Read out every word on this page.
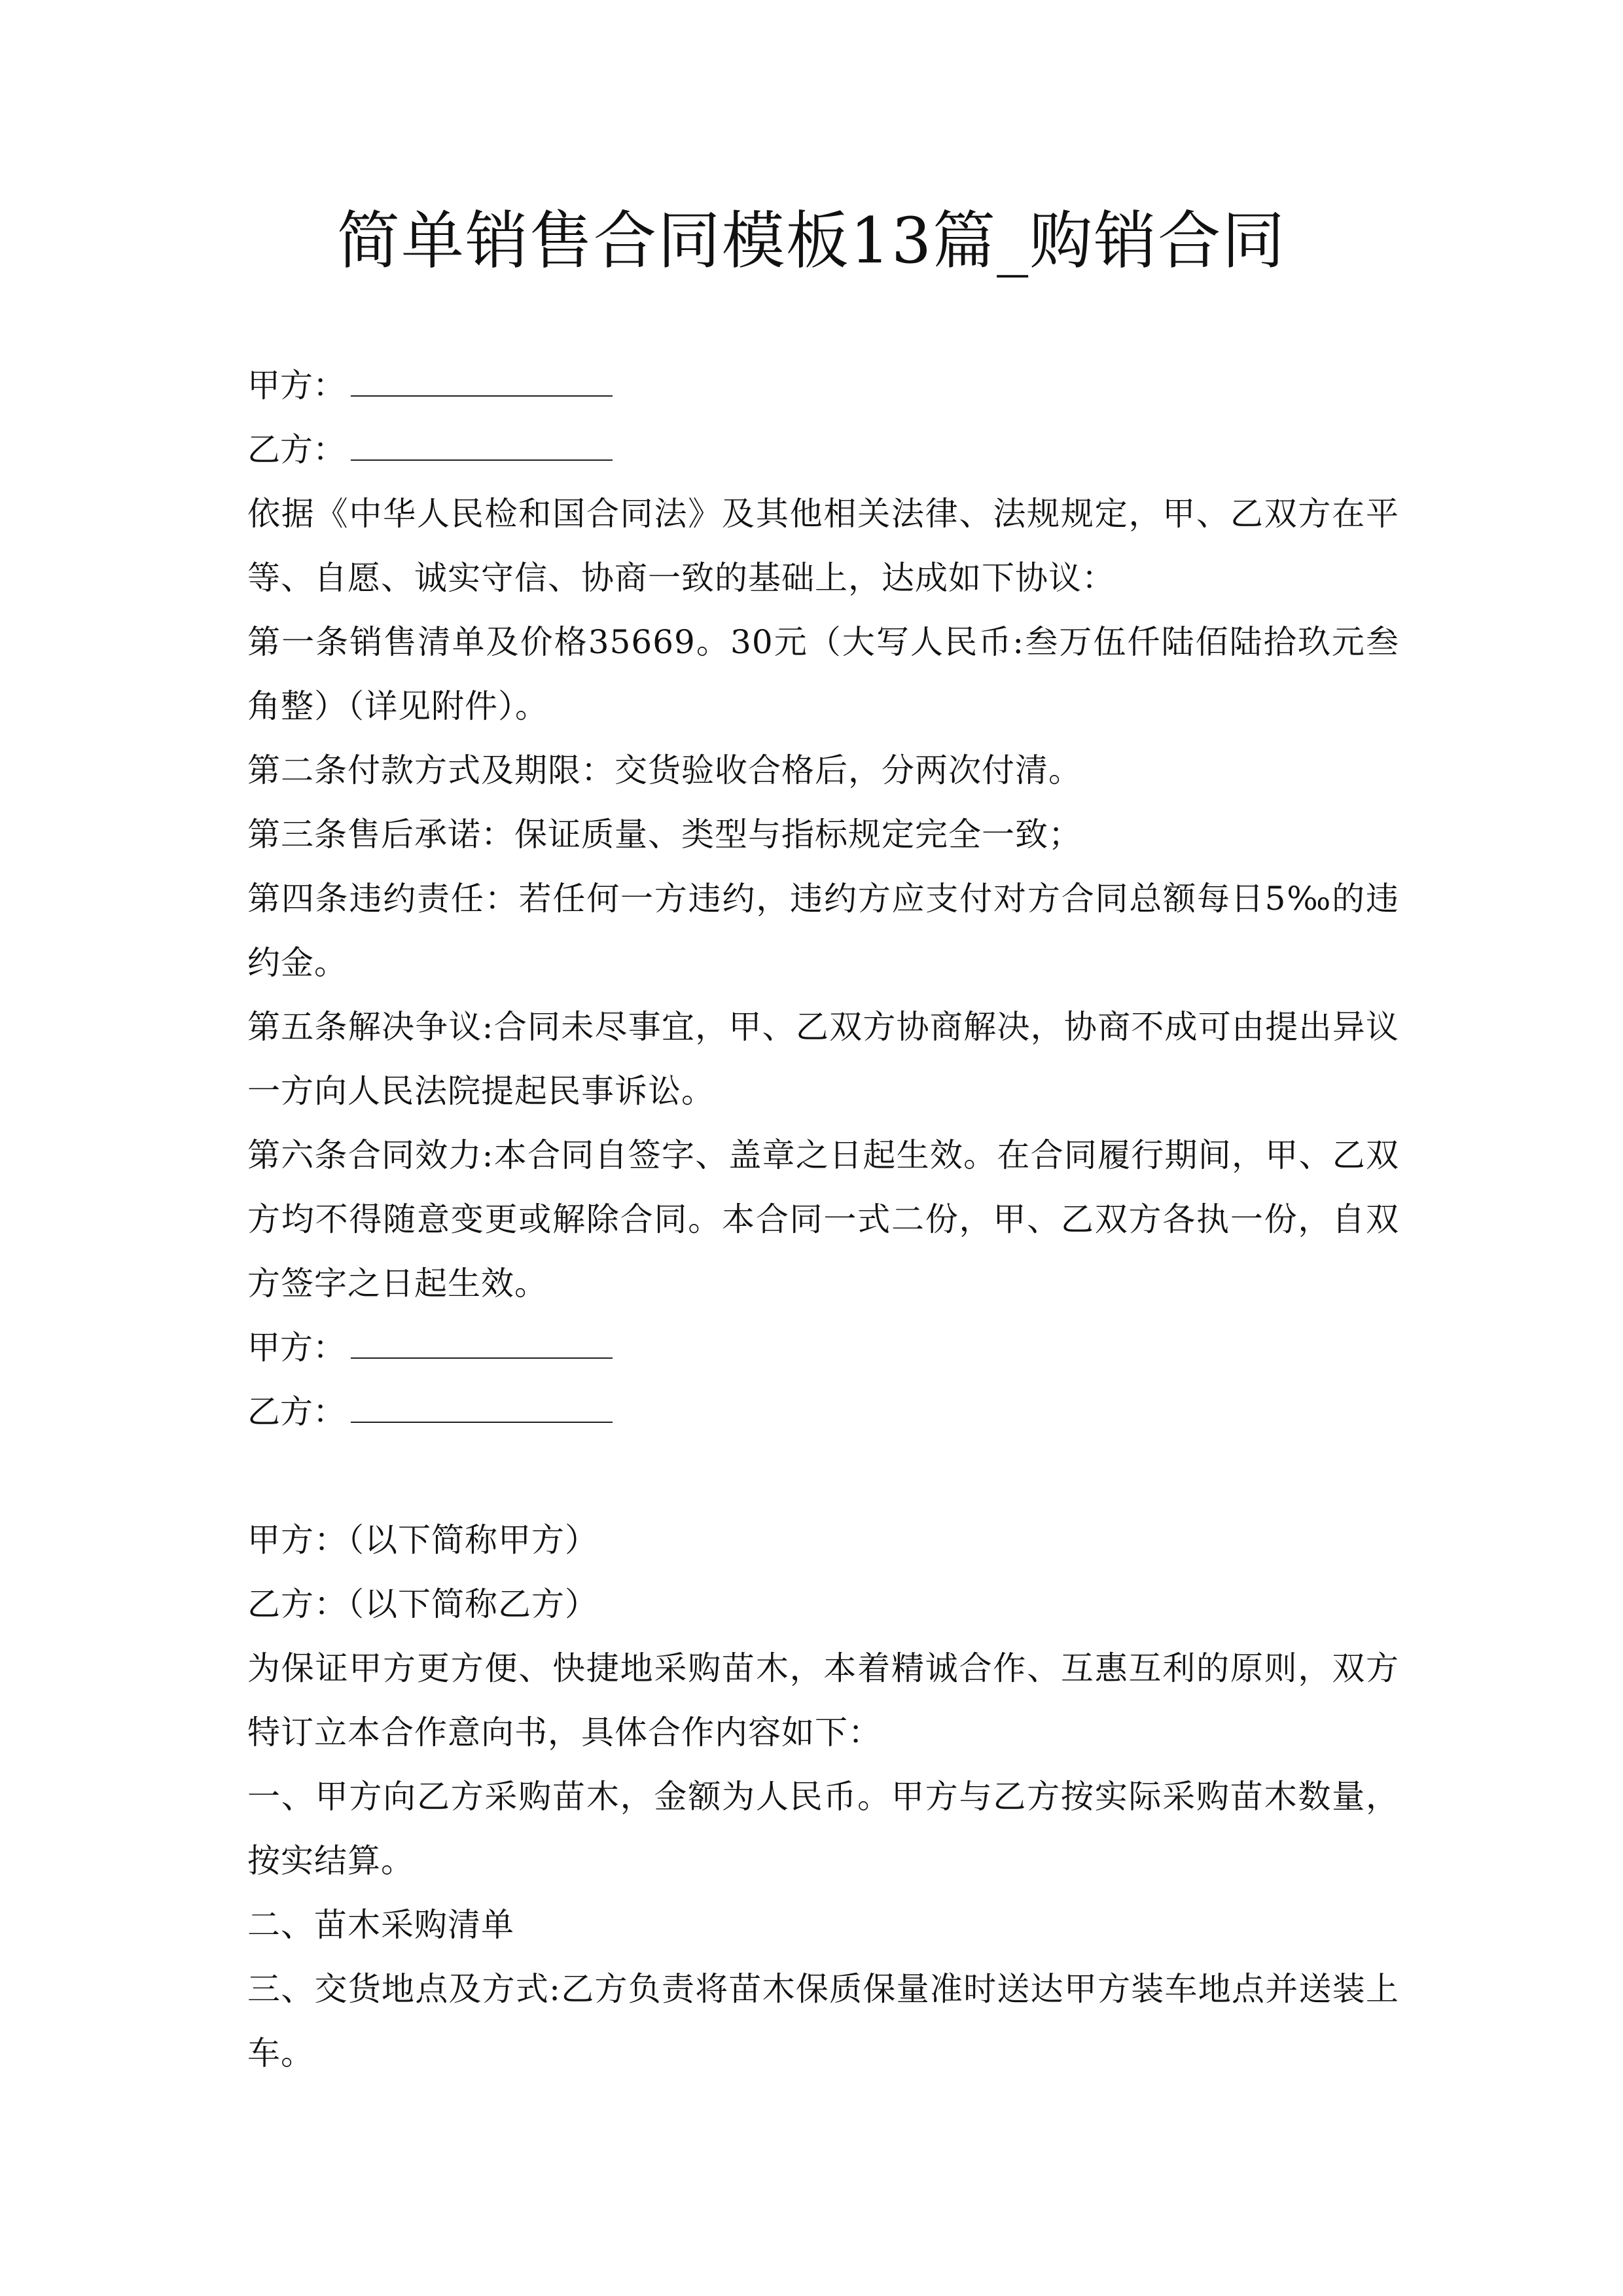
简单销售合同模板13篇_购销合同
甲方：
乙方：
依据《中华人民检和国合同法》及其他相关法律、法规规定，甲、乙双方在平等、自愿、诚实守信、协商一致的基础上，达成如下协议：
第一条销售清单及价格35669。30元（大写人民币:叁万伍仟陆佰陆拾玖元叁角整）（详见附件）。
第二条付款方式及期限：交货验收合格后，分两次付清。
第三条售后承诺：保证质量、类型与指标规定完全一致；
第四条违约责任：若任何一方违约，违约方应支付对方合同总额每日5‰的违约金。
第五条解决争议:合同未尽事宜，甲、乙双方协商解决，协商不成可由提出异议一方向人民法院提起民事诉讼。
第六条合同效力:本合同自签字、盖章之日起生效。在合同履行期间，甲、乙双方均不得随意变更或解除合同。本合同一式二份，甲、乙双方各执一份，自双方签字之日起生效。
甲方：
乙方：
甲方：（以下简称甲方）
乙方：（以下简称乙方）
为保证甲方更方便、快捷地采购苗木，本着精诚合作、互惠互利的原则，双方特订立本合作意向书，具体合作内容如下：
一、甲方向乙方采购苗木，金额为人民币。甲方与乙方按实际采购苗木数量，按实结算。
二、苗木采购清单
三、交货地点及方式:乙方负责将苗木保质保量准时送达甲方装车地点并送装上车。
